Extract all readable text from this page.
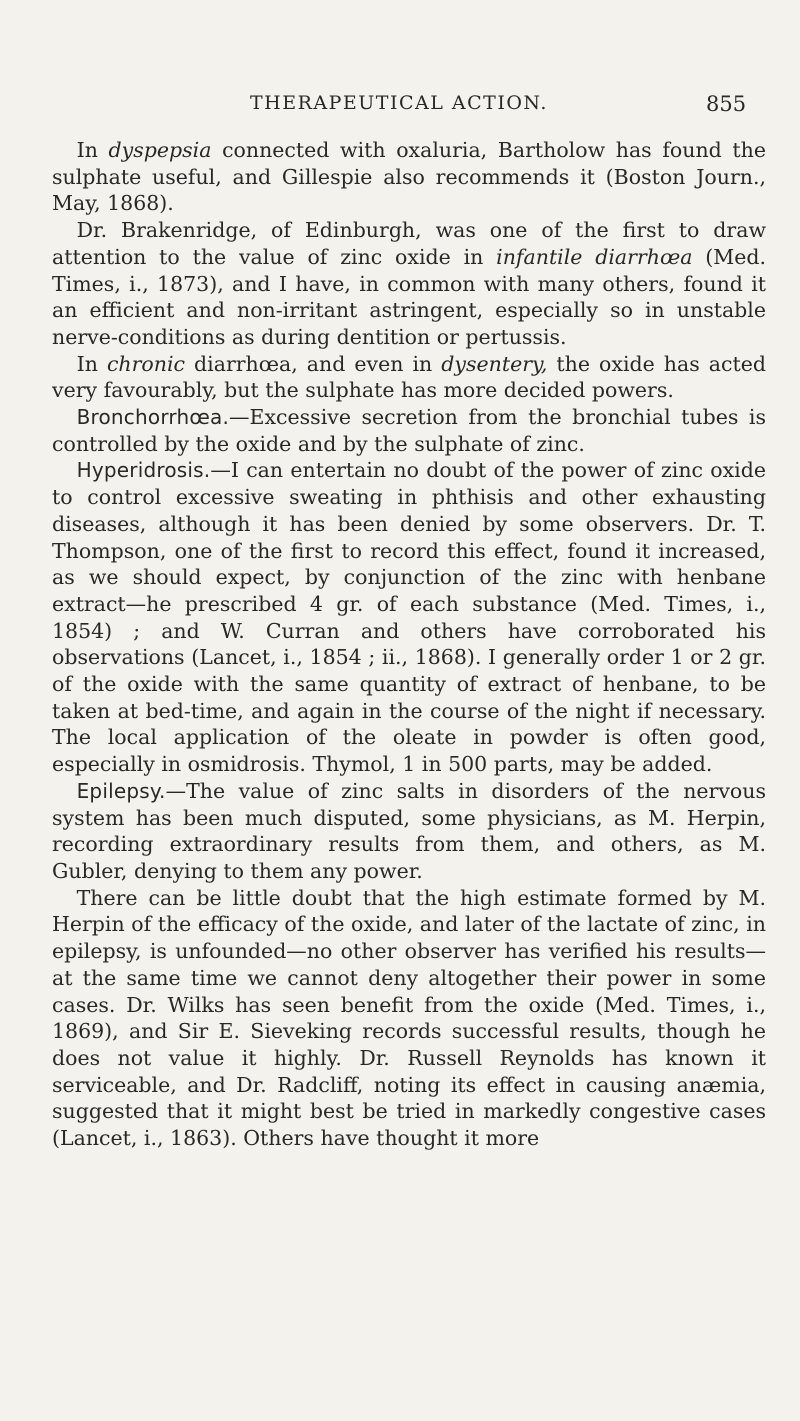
THERAPEUTICAL ACTION.	855

In dyspepsia connected with oxaluria, Bartholow has found the sulphate useful, and Gillespie also recommends it (Boston Journ., May, 1868).

Dr. Brakenridge, of Edinburgh, was one of the first to draw attention to the value of zinc oxide in infantile diarrhœa (Med. Times, i., 1873), and I have, in common with many others, found it an efficient and non-irritant astringent, especially so in unstable nerve-conditions as during dentition or pertussis.

In chronic diarrhœa, and even in dysentery, the oxide has acted very favourably, but the sulphate has more decided powers.

Bronchorrhœa.—Excessive secretion from the bronchial tubes is controlled by the oxide and by the sulphate of zinc.

Hyperidrosis.—I can entertain no doubt of the power of zinc oxide to control excessive sweating in phthisis and other exhausting diseases, although it has been denied by some observers. Dr. T. Thompson, one of the first to record this effect, found it increased, as we should expect, by conjunction of the zinc with henbane extract—he prescribed 4 gr. of each substance (Med. Times, i., 1854) ; and W. Curran and others have corroborated his observations (Lancet, i., 1854 ; ii., 1868). I generally order 1 or 2 gr. of the oxide with the same quantity of extract of henbane, to be taken at bed-time, and again in the course of the night if necessary. The local application of the oleate in powder is often good, especially in osmidrosis. Thymol, 1 in 500 parts, may be added.

Epilepsy.—The value of zinc salts in disorders of the nervous system has been much disputed, some physicians, as M. Herpin, recording extraordinary results from them, and others, as M. Gubler, denying to them any power.

There can be little doubt that the high estimate formed by M. Herpin of the efficacy of the oxide, and later of the lactate of zinc, in epilepsy, is unfounded—no other observer has verified his results—at the same time we cannot deny altogether their power in some cases. Dr. Wilks has seen benefit from the oxide (Med. Times, i., 1869), and Sir E. Sieveking records successful results, though he does not value it highly. Dr. Russell Reynolds has known it serviceable, and Dr. Radcliff, noting its effect in causing anæmia, suggested that it might best be tried in markedly congestive cases (Lancet, i., 1863). Others have thought it more
